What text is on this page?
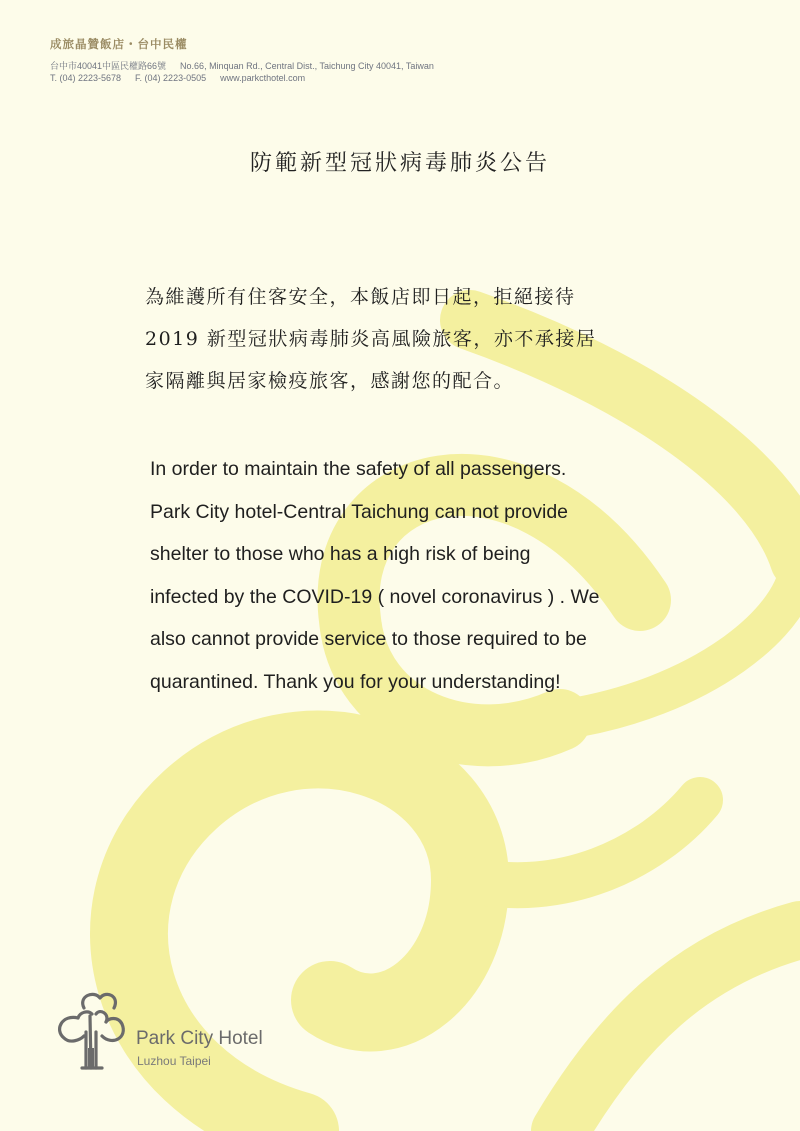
成旅晶贊飯店・台中民權
台中市40041中區民權路66號 No.66, Minquan Rd., Central Dist., Taichung City 40041, Taiwan
T. (04) 2223-5678 F. (04) 2223-0505 www.parkcthotel.com
防範新型冠狀病毒肺炎公告
為維護所有住客安全，本飯店即日起，拒絕接待
2019 新型冠狀病毒肺炎高風險旅客，亦不承接居
家隔離與居家檢疫旅客，感謝您的配合。
In order to maintain the safety of all passengers.
Park City hotel-Central Taichung can not provide
shelter to those who has a high risk of being
infected by the COVID-19 ( novel coronavirus ) . We
also cannot provide service to those required to be
quarantined. Thank you for your understanding!
Park City Hotel
Luzhou Taipei
